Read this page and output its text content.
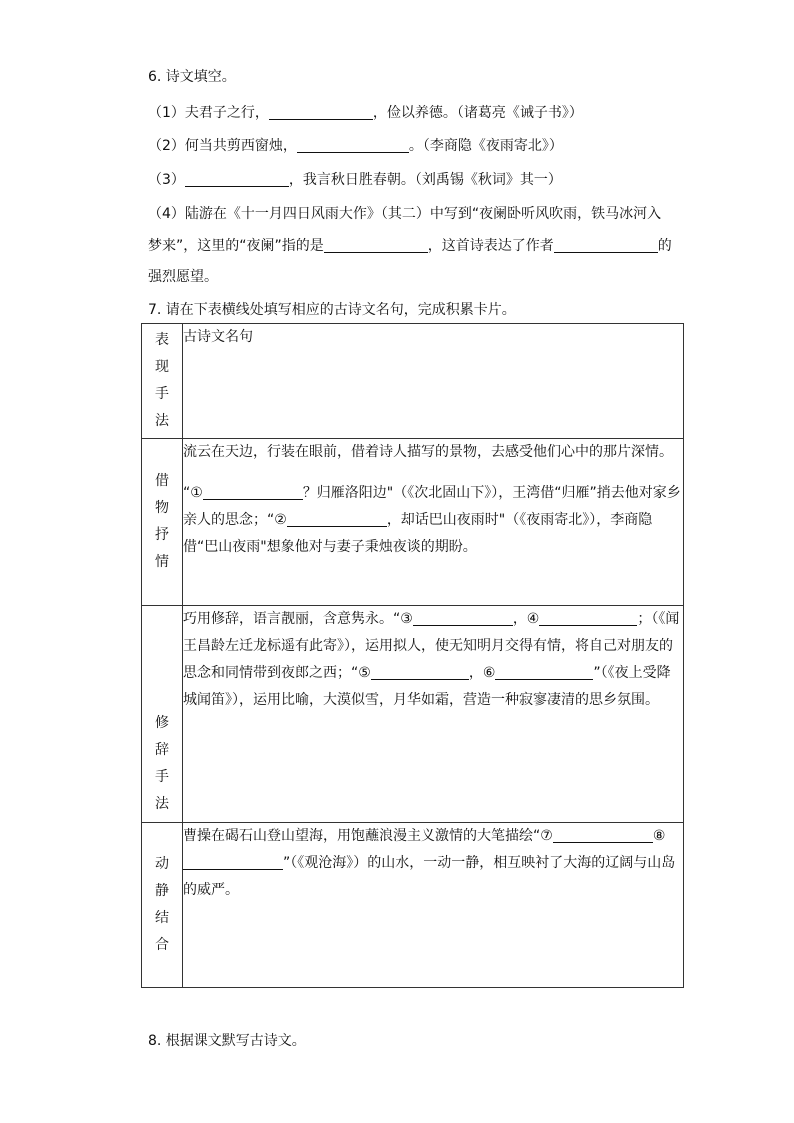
6. 诗文填空。
（1）夫君子之行，	，俭以养德。（诸葛亮《诫子书》）
（2）何当共剪西窗烛，	。（李商隐《夜雨寄北》）
（3）	，我言秋日胜春朝。（刘禹锡《秋词》其一）
（4）陆游在《十一月四日风雨大作》（其二）中写到“夜阑卧听风吹雨，铁马冰河入
梦来”，这里的“夜阑”指的是	，这首诗表达了作者	的
强烈愿望。
7. 请在下表横线处填写相应的古诗文名句，完成积累卡片。
表
现
手
法	古诗文名句

借
物
抒
情	流云在天边，行装在眼前，借着诗人描写的景物，去感受他们心中的那片深情。
“① ？归雁洛阳边"（《次北固山下》），王湾借“归雁”捎去他对家乡亲人的思念；“② ，却话巴山夜雨时"（《夜雨寄北》），李商隐借“巴山夜雨"想象他对与妻子秉烛夜谈的期盼。

修
辞
手
法	巧用修辞，语言靓丽，含意隽永。“③ ，④ ；（《闻王昌龄左迁龙标遥有此寄》），运用拟人，使无知明月交得有情，将自己对朋友的思念和同情带到夜郎之西；“⑤ ，⑥ ”（《夜上受降城闻笛》），运用比喻，大漠似雪，月华如霜，营造一种寂寥凄清的思乡氛围。

动
静
结
合	曹操在碣石山登山望海，用饱蘸浪漫主义激情的大笔描绘“⑦ ⑧”（《观沧海》）的山水，一动一静，相互映衬了大海的辽阔与山岛的威严。
8. 根据课文默写古诗文。
